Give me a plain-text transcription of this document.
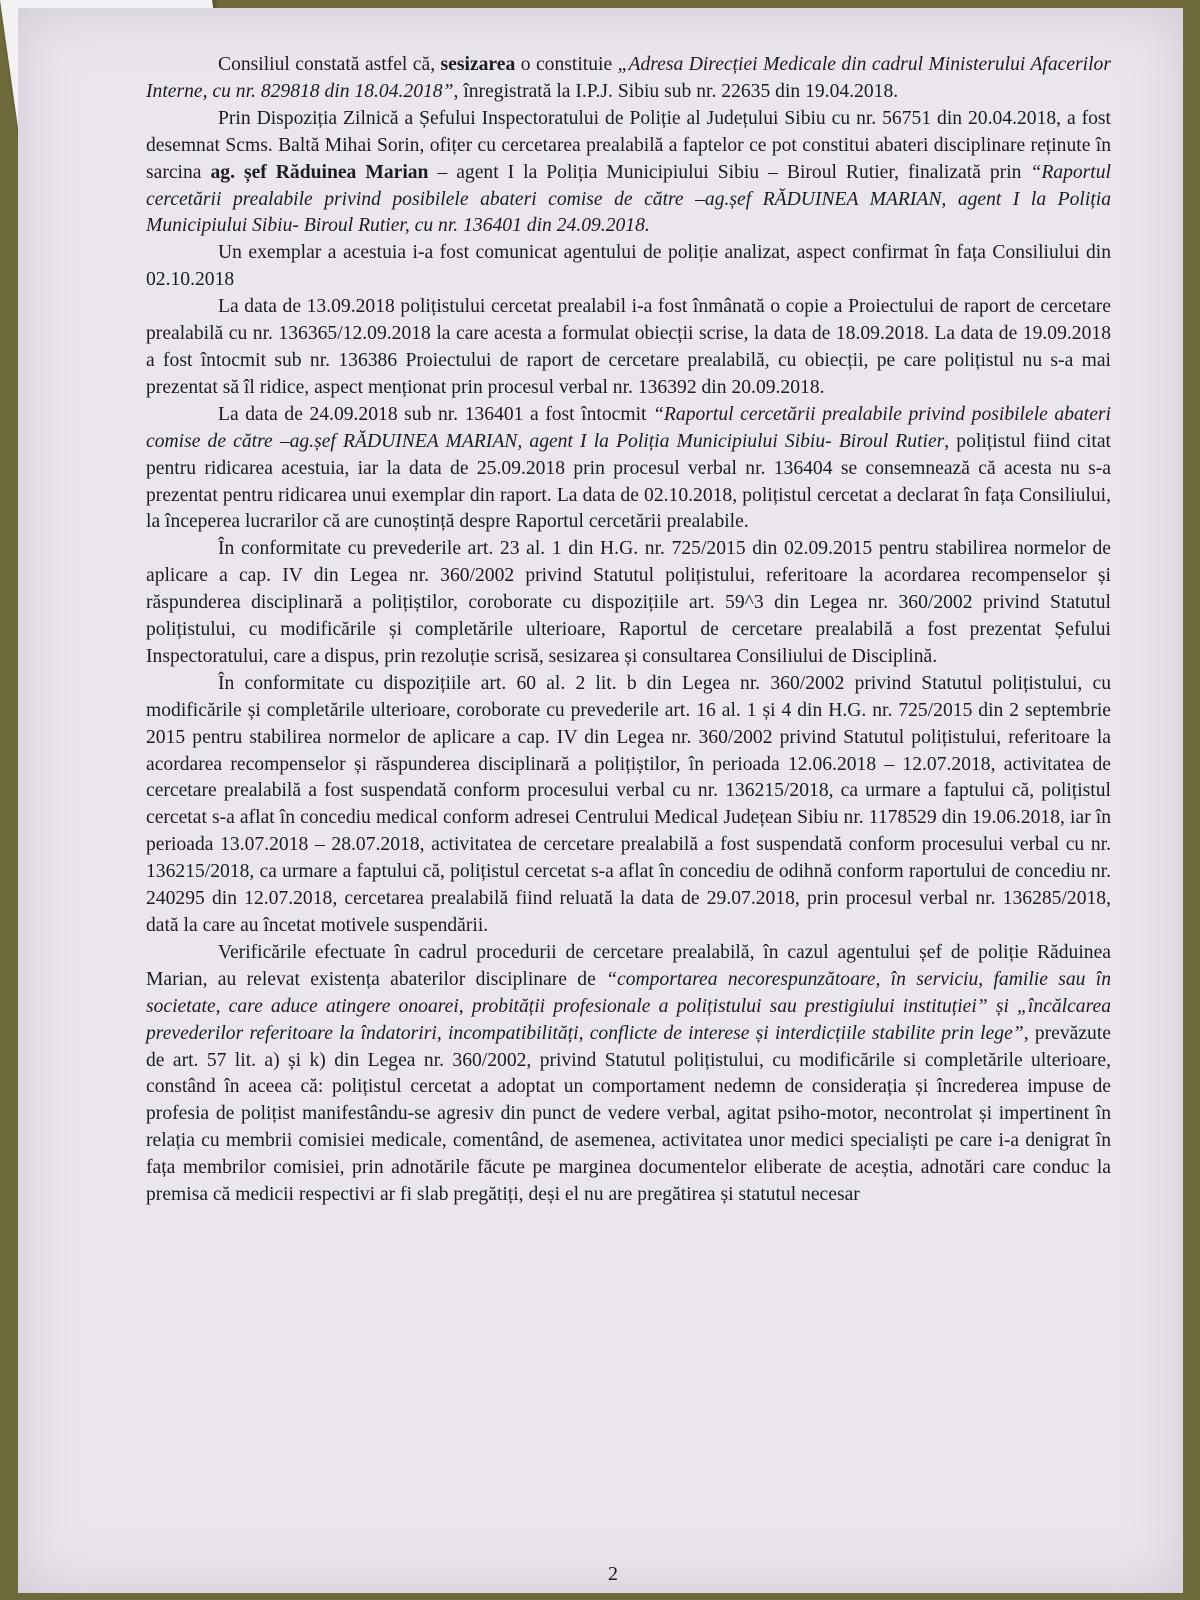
Consiliul constată astfel că, sesizarea o constituie „Adresa Direcției Medicale din cadrul Ministerului Afacerilor Interne, cu nr. 829818 din 18.04.2018”, înregistrată la I.P.J. Sibiu sub nr. 22635 din 19.04.2018.

Prin Dispoziția Zilnică a Șefului Inspectoratului de Poliție al Județului Sibiu cu nr. 56751 din 20.04.2018, a fost desemnat Scms. Baltă Mihai Sorin, ofițer cu cercetarea prealabilă a faptelor ce pot constitui abateri disciplinare reținute în sarcina ag. șef Răduinea Marian – agent I la Poliția Municipiului Sibiu – Biroul Rutier, finalizată prin “Raportul cercetării prealabile privind posibilele abateri comise de către –ag.șef RĂDUINEA MARIAN, agent I la Poliția Municipiului Sibiu- Biroul Rutier, cu nr. 136401 din 24.09.2018.

Un exemplar a acestuia i-a fost comunicat agentului de poliție analizat, aspect confirmat în fața Consiliului din 02.10.2018

La data de 13.09.2018 polițistului cercetat prealabil i-a fost înmânată o copie a Proiectului de raport de cercetare prealabilă cu nr. 136365/12.09.2018 la care acesta a formulat obiecții scrise, la data de 18.09.2018. La data de 19.09.2018 a fost întocmit sub nr. 136386 Proiectului de raport de cercetare prealabilă, cu obiecții, pe care polițistul nu s-a mai prezentat să îl ridice, aspect menționat prin procesul verbal nr. 136392 din 20.09.2018.

La data de 24.09.2018 sub nr. 136401 a fost întocmit “Raportul cercetării prealabile privind posibilele abateri comise de către –ag.șef RĂDUINEA MARIAN, agent I la Poliția Municipiului Sibiu- Biroul Rutier, polițistul fiind citat pentru ridicarea acestuia, iar la data de 25.09.2018 prin procesul verbal nr. 136404 se consemnează că acesta nu s-a prezentat pentru ridicarea unui exemplar din raport. La data de 02.10.2018, polițistul cercetat a declarat în fața Consiliului, la începerea lucrarilor că are cunoștință despre Raportul cercetării prealabile.

În conformitate cu prevederile art. 23 al. 1 din H.G. nr. 725/2015 din 02.09.2015 pentru stabilirea normelor de aplicare a cap. IV din Legea nr. 360/2002 privind Statutul polițistului, referitoare la acordarea recompenselor și răspunderea disciplinară a polițiștilor, coroborate cu dispozițiile art. 59^3 din Legea nr. 360/2002 privind Statutul polițistului, cu modificările și completările ulterioare, Raportul de cercetare prealabilă a fost prezentat Șefului Inspectoratului, care a dispus, prin rezoluție scrisă, sesizarea și consultarea Consiliului de Disciplină.

În conformitate cu dispozițiile art. 60 al. 2 lit. b din Legea nr. 360/2002 privind Statutul polițistului, cu modificările și completările ulterioare, coroborate cu prevederile art. 16 al. 1 și 4 din H.G. nr. 725/2015 din 2 septembrie 2015 pentru stabilirea normelor de aplicare a cap. IV din Legea nr. 360/2002 privind Statutul polițistului, referitoare la acordarea recompenselor și răspunderea disciplinară a polițiștilor, în perioada 12.06.2018 – 12.07.2018, activitatea de cercetare prealabilă a fost suspendată conform procesului verbal cu nr. 136215/2018, ca urmare a faptului că, polițistul cercetat s-a aflat în concediu medical conform adresei Centrului Medical Județean Sibiu nr. 1178529 din 19.06.2018, iar în perioada 13.07.2018 – 28.07.2018, activitatea de cercetare prealabilă a fost suspendată conform procesului verbal cu nr. 136215/2018, ca urmare a faptului că, polițistul cercetat s-a aflat în concediu de odihnă conform raportului de concediu nr. 240295 din 12.07.2018, cercetarea prealabilă fiind reluată la data de 29.07.2018, prin procesul verbal nr. 136285/2018, dată la care au încetat motivele suspendării.

Verificările efectuate în cadrul procedurii de cercetare prealabilă, în cazul agentului șef de poliție Răduinea Marian, au relevat existența abaterilor disciplinare de “comportarea necorespunzătoare, în serviciu, familie sau în societate, care aduce atingere onoarei, probității profesionale a polițistului sau prestigiului instituției” și „încălcarea prevederilor referitoare la îndatoriri, incompatibilități, conflicte de interese și interdicțiile stabilite prin lege”, prevăzute de art. 57 lit. a) și k) din Legea nr. 360/2002, privind Statutul polițistului, cu modificările si completările ulterioare, constând în aceea că: polițistul cercetat a adoptat un comportament nedemn de considerația și încrederea impuse de profesia de polițist manifestându-se agresiv din punct de vedere verbal, agitat psiho-motor, necontrolat și impertinent în relația cu membrii comisiei medicale, comentând, de asemenea, activitatea unor medici specialiști pe care i-a denigrat în fața membrilor comisiei, prin adnotările făcute pe marginea documentelor eliberate de aceștia, adnotări care conduc la premisa că medicii respectivi ar fi slab pregătiți, deși el nu are pregătirea și statutul necesar

2
